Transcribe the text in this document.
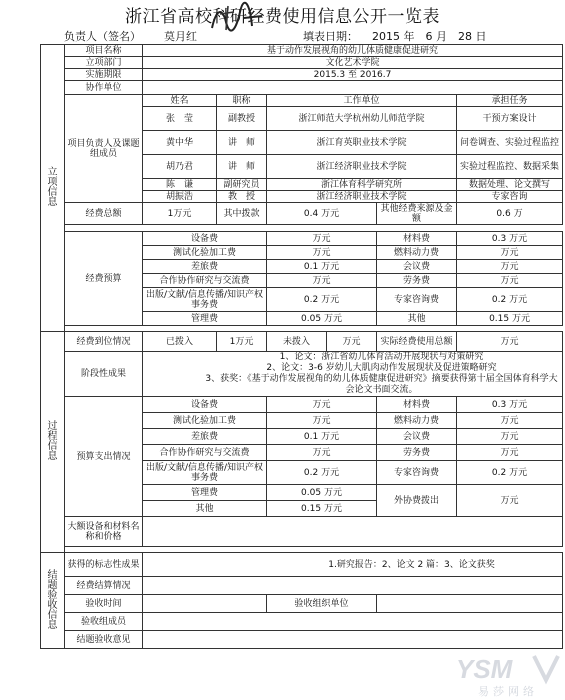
浙江省高校科研经费使用信息公开一览表
负责人（签名） 莫月红	填表日期： 2015 年　6 月　28 日
立项信息	项目名称	基于动作发展视角的幼儿体质健康促进研究					
	立项部门	文化艺术学院					
	实施期限	2015.3 至 2016.7					
	协作单位						
	项目负责人及课题组成员	姓名	职称	工作单位			承担任务
		张　莹	副教授	浙江师范大学杭州幼儿师范学院			干预方案设计
		黄中华	讲　师	浙江育英职业技术学院			问卷调查、实验过程监控
		胡乃君	讲　师	浙江经济职业技术学院			实验过程监控、数据采集
		陈　谦	副研究员	浙江体育科学研究所			数据处理、论文撰写
		胡振浩	教　授	浙江经济职业技术学院			专家咨询
	经费总额	1万元	其中拨款	0.4 万元		其他经费来源及金额	0.6 万

	经费预算	设备费		万元		材料费	0.3 万元
		测试化验加工费		万元		燃料动力费	万元
		差旅费		0.1 万元		会议费	万元
		合作协作研究与交流费		万元		劳务费	万元
		出版/文献/信息传播/知识产权事务费		0.2 万元		专家咨询费	0.2 万元
		管理费		0.05 万元		其他	0.15 万元

过程信息	经费到位情况	已拨入	1万元	未拨入	万元	实际经费使用总额	万元
	阶段性成果	1、论文：浙江省幼儿体育活动开展现状与对策研究
2、论文：3-6 岁幼儿大肌肉动作发展现状及促进策略研究
3、获奖：《基于动作发展视角的幼儿体质健康促进研究》摘要获得第十届全国体育科学大会论文书面交流。					

	预算支出情况	设备费		万元		材料费	0.3 万元
		测试化验加工费		万元		燃料动力费	万元
		差旅费		0.1 万元		会议费	万元
		合作协作研究与交流费		万元		劳务费	万元
		出版/文献/信息传播/知识产权事务费		0.2 万元		专家咨询费	0.2 万元
		管理费		0.05 万元		外协费拨出	万元
		其他		0.15 万元			
	大额设备和材料名称和价格						

结题验收信息	获得的标志性成果	1.研究报告：2、论文 2 篇：3、论文获奖					
	经费结算情况						
	验收时间			验收组织单位			
	验收组成员						
	结题验收意见						
YSM
易莎网络
